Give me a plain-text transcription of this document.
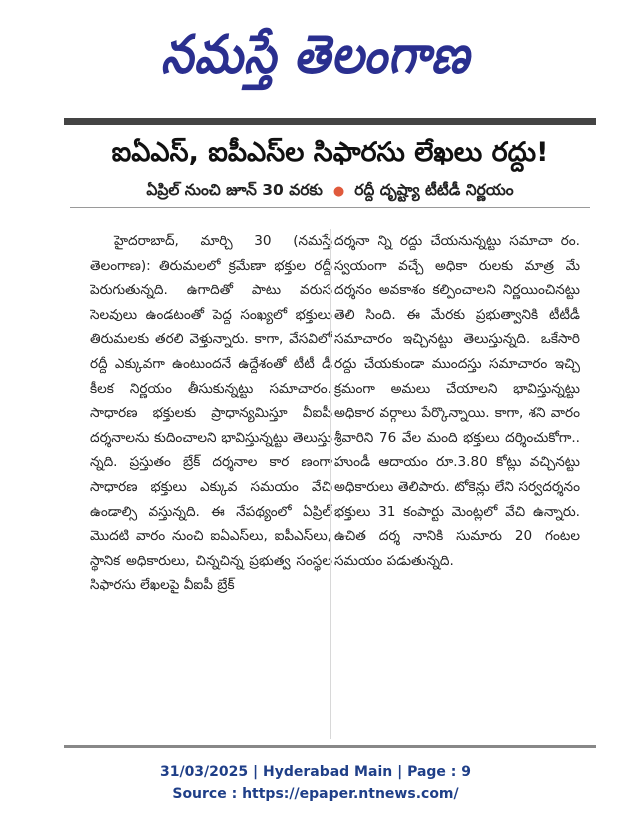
నమస్తే తెలంగాణ
ఐఏఎస్‌, ఐపీఎస్‌ల సిఫారసు లేఖలు రద్దు!
ఏప్రిల్‌ నుంచి జూన్‌ 30 వరకు ● రద్దీ దృష్ట్యా టీటీడీ నిర్ణయం
హైదరాబాద్‌, మార్చి 30 (నమస్తే తెలంగాణ): తిరుమలలో క్రమేణా భక్తుల రద్దీ పెరుగుతున్నది. ఉగాదితో పాటు వరుస సెలవులు ఉండటంతో పెద్ద సంఖ్యలో భక్తులు తిరుమలకు తరలి వెళ్తున్నారు. కాగా, వేసవిలో రద్దీ ఎక్కువగా ఉంటుందనే ఉద్దేశంతో టీటీ డీ కీలక నిర్ణయం తీసుకున్నట్టు సమాచారం. సాధారణ భక్తులకు ప్రాధాన్యమిస్తూ వీఐపీ దర్శనాలను కుదించాలని భావిస్తున్నట్టు తెలుస్తు న్నది. ప్రస్తుతం బ్రేక్‌ దర్శనాల కార ణంగా సాధారణ భక్తులు ఎక్కువ సమయం వేచి ఉండాల్సి వస్తున్నది. ఈ నేపథ్యంలో ఏప్రిల్‌ మొదటి వారం నుంచి ఐఏఎస్‌లు, ఐపీఎస్‌లు, స్థానిక అధికారులు, చిన్నచిన్న ప్రభుత్వ సంస్థల సిఫారసు లేఖలపై వీఐపీ బ్రేక్‌
దర్శనా న్ని రద్దు చేయనున్నట్టు సమాచా రం. స్వయంగా వచ్చే అధికా రులకు మాత్ర మే దర్శనం అవకాశం కల్పించాలని నిర్ణయించినట్టు తెలి సింది. ఈ మేరకు ప్రభుత్వానికి టీటీడీ సమాచారం ఇచ్చినట్టు తెలుస్తున్నది. ఒకేసారి రద్దు చేయకుండా ముందస్తు సమాచారం ఇచ్చి క్రమంగా అమలు చేయాలని భావిస్తున్నట్టు అధికార వర్గాలు పేర్కొన్నాయి. కాగా, శని వారం శ్రీవారిని 76 వేల మంది భక్తులు దర్శించుకోగా.. హుండీ ఆదాయం రూ.3.80 కోట్లు వచ్చినట్టు అధికారులు తెలిపారు. టోకెన్లు లేని సర్వదర్శనం భక్తులు 31 కంపార్టు మెంట్లలో వేచి ఉన్నారు. ఉచిత దర్శ నానికి సుమారు 20 గంటల సమయం పడుతున్నది.
31/03/2025 | Hyderabad Main | Page : 9
Source : https://epaper.ntnews.com/
